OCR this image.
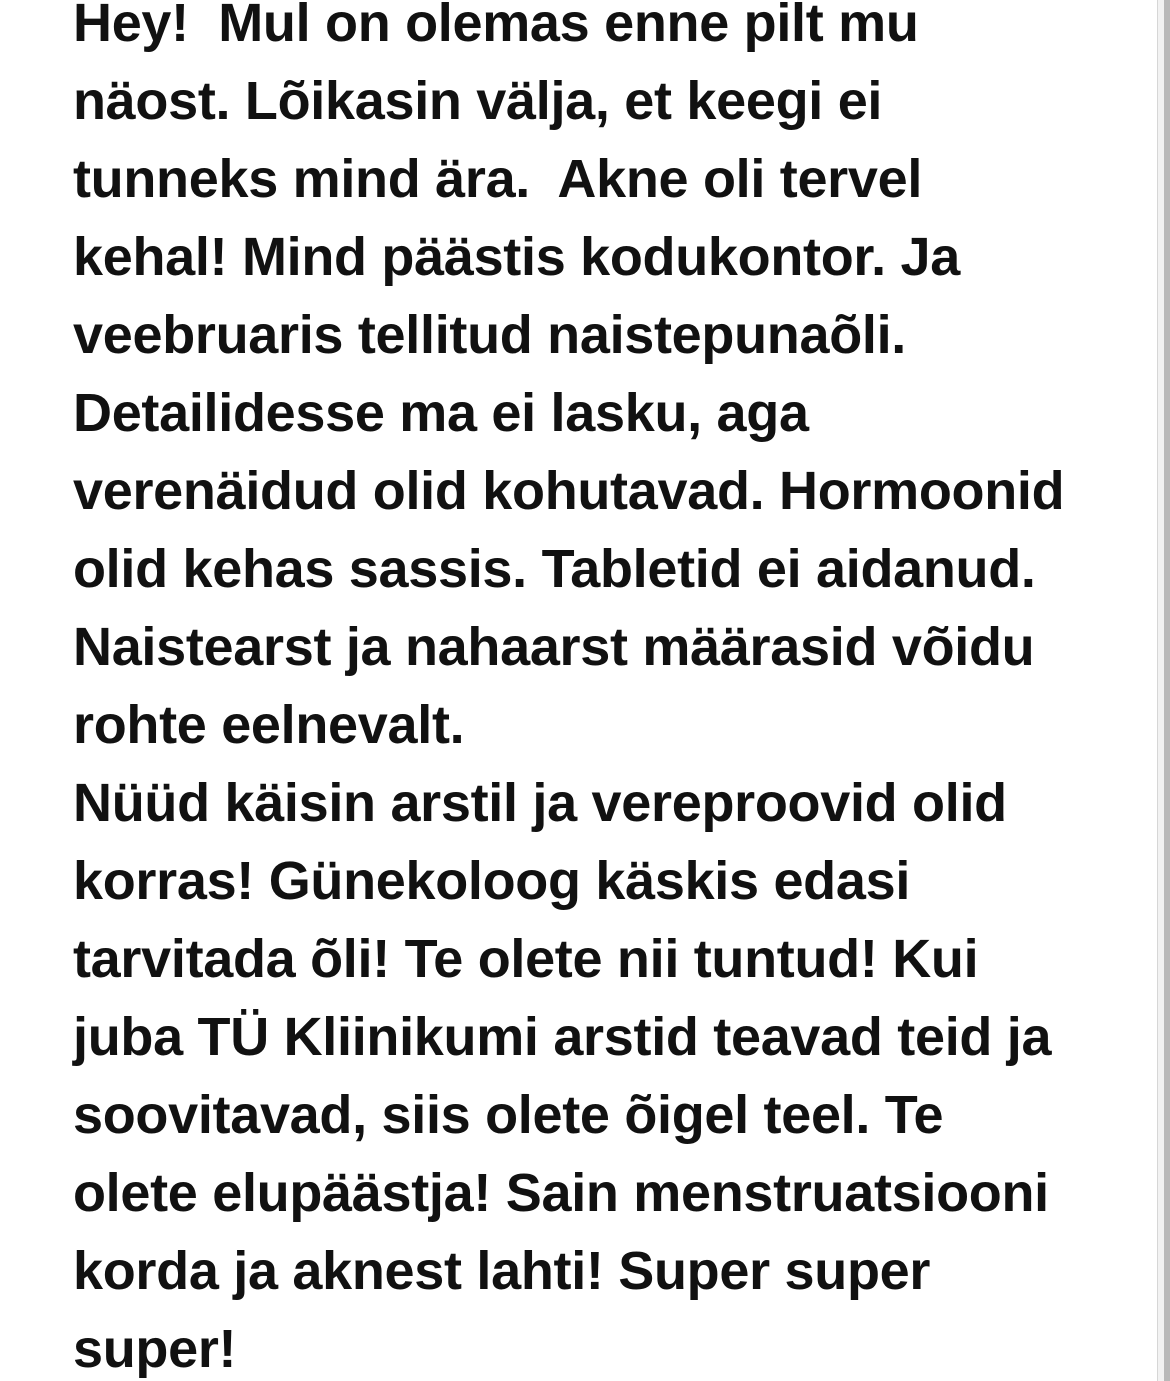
Hey!  Mul on olemas enne pilt mu
näost. Lõikasin välja, et keegi ei
tunneks mind ära.  Akne oli tervel
kehal! Mind päästis kodukontor. Ja
veebruaris tellitud naistepunaõli.
Detailidesse ma ei lasku, aga
verenäidud olid kohutavad. Hormoonid
olid kehas sassis. Tabletid ei aidanud.
Naistearst ja nahaarst määrasid võidu
rohte eelnevalt.
Nüüd käisin arstil ja vereproovid olid
korras! Günekoloog käskis edasi
tarvitada õli! Te olete nii tuntud! Kui
juba TÜ Kliinikumi arstid teavad teid ja
soovitavad, siis olete õigel teel. Te
olete elupäästja! Sain menstruatsiooni
korda ja aknest lahti! Super super
super!
